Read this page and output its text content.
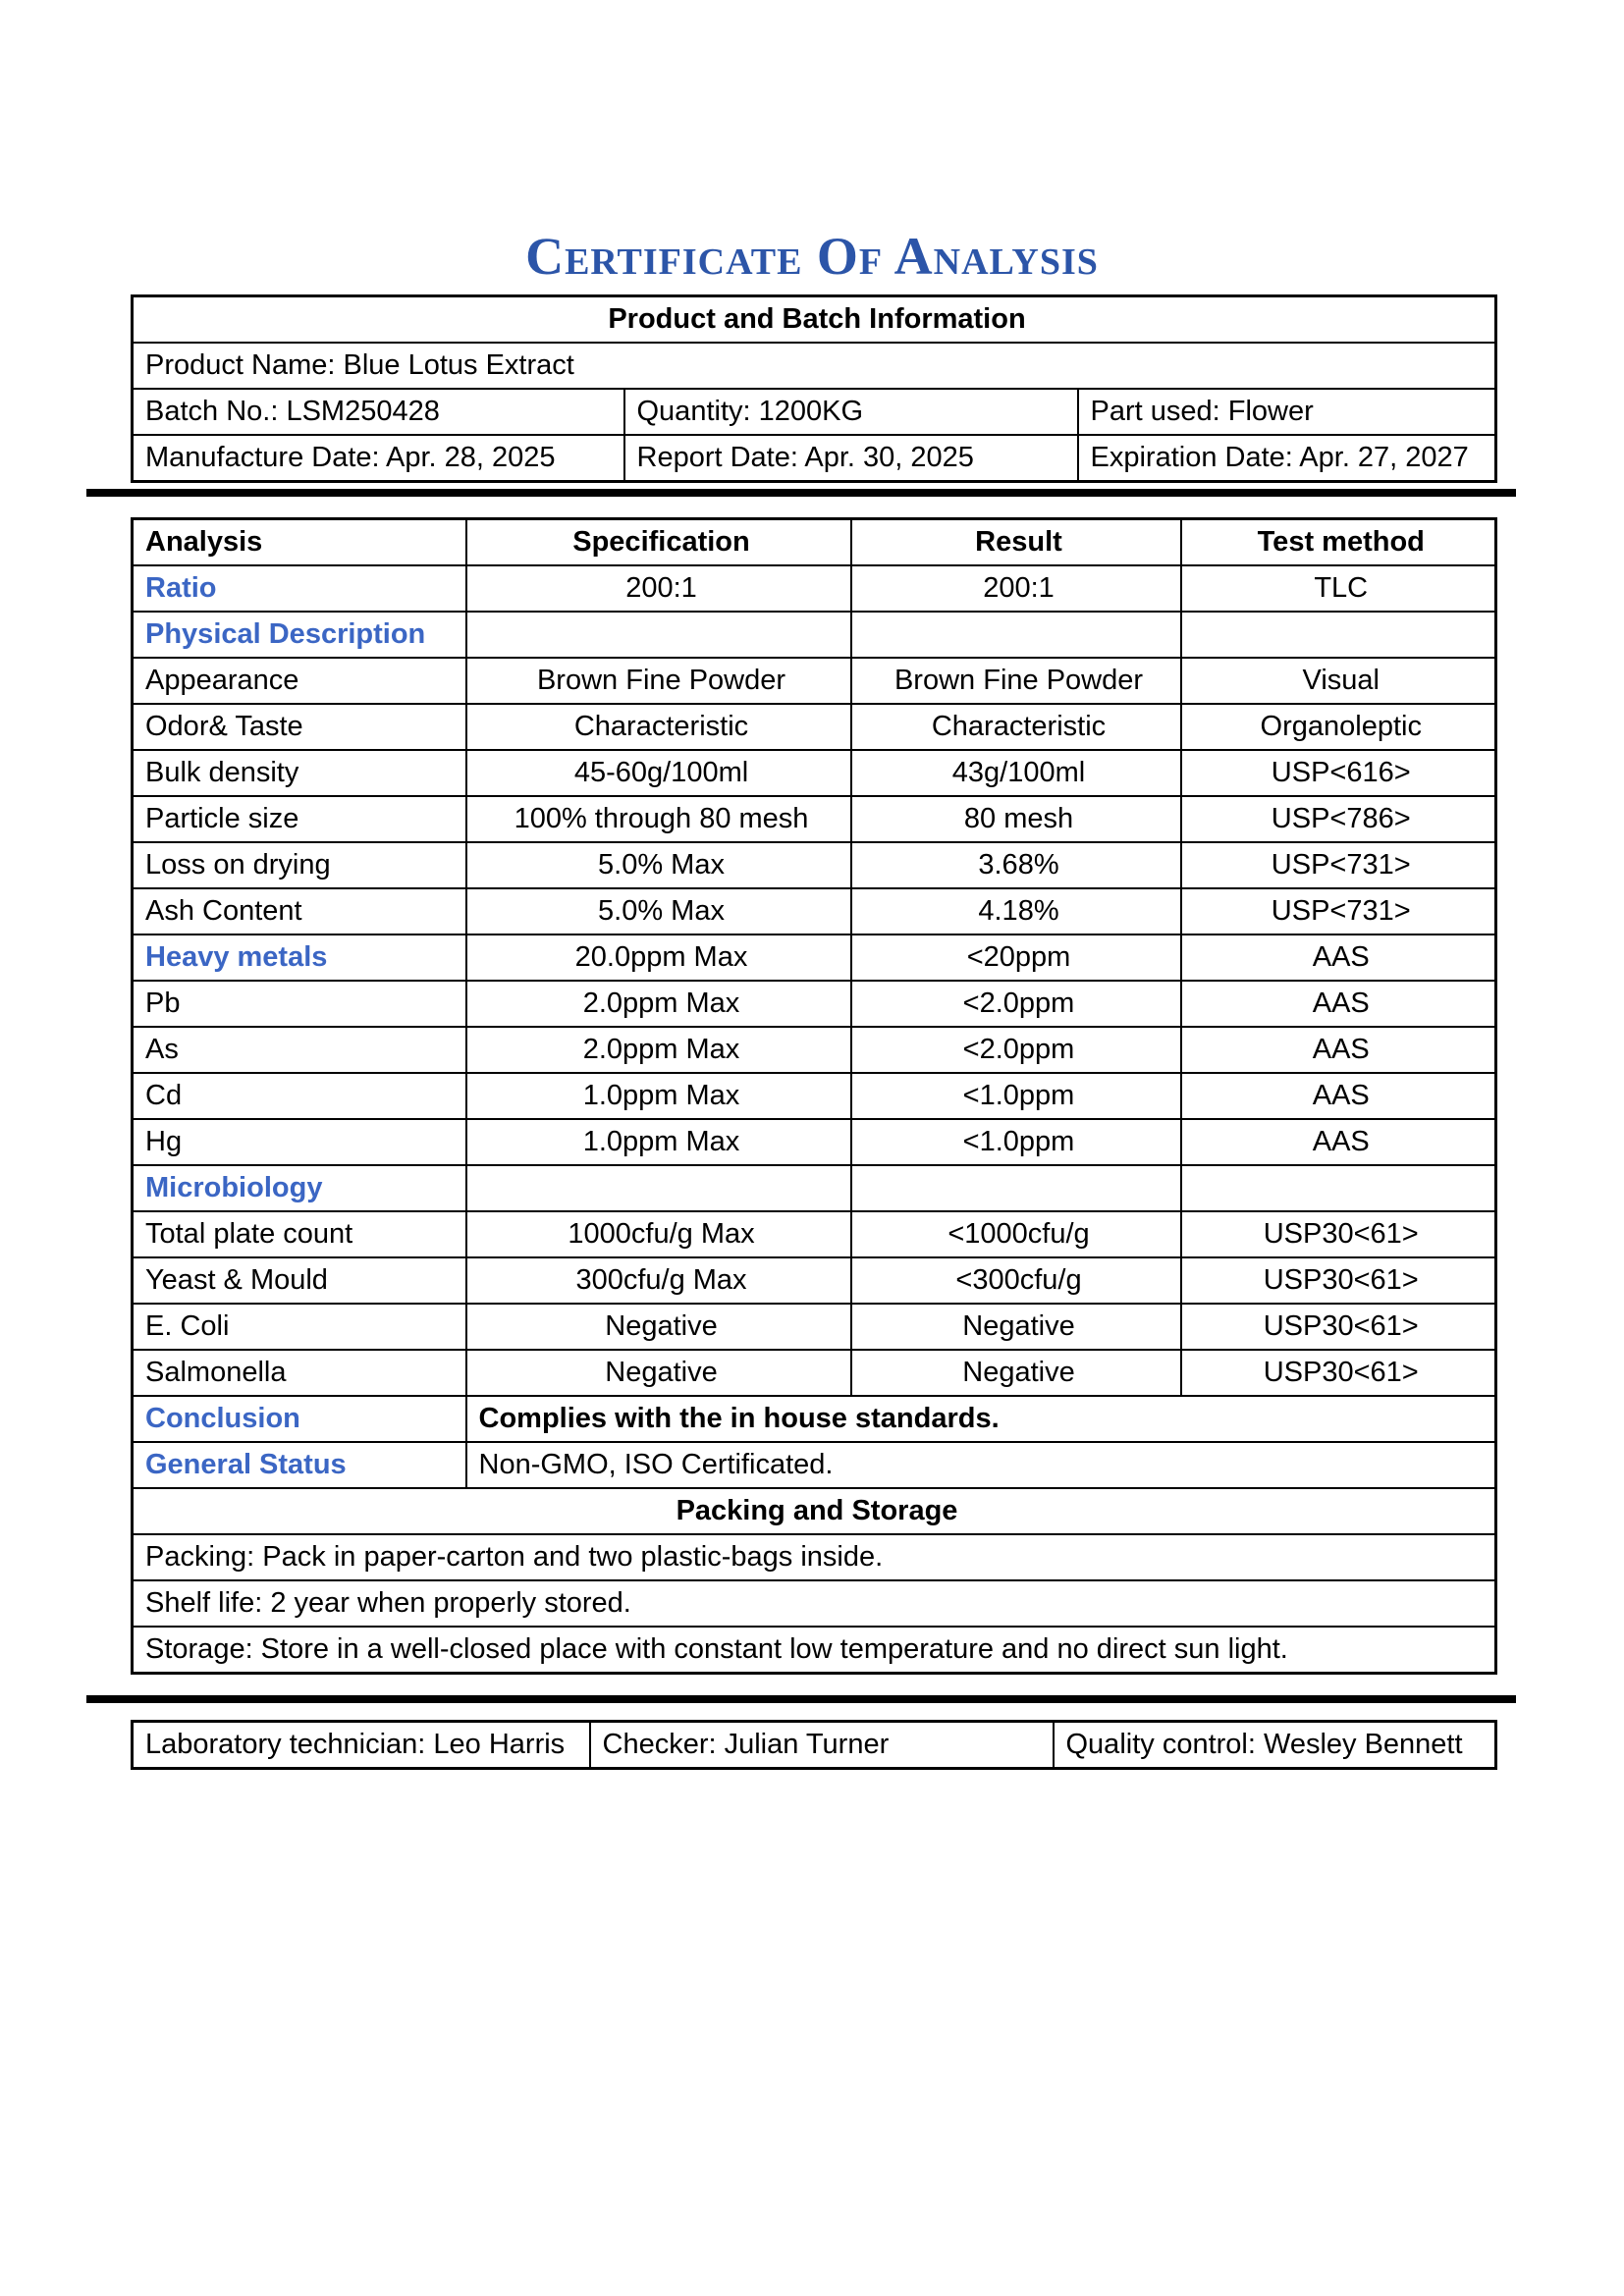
Certificate Of Analysis
Product and Batch Information		
Product Name: Blue Lotus Extract		
Batch No.: LSM250428	Quantity: 1200KG	Part used: Flower
Manufacture Date: Apr. 28, 2025	Report Date: Apr. 30, 2025	Expiration Date: Apr. 27, 2027
Analysis	Specification	Result	Test method
Ratio	200:1	200:1	TLC
Physical Description			
Appearance	Brown Fine Powder	Brown Fine Powder	Visual
Odor& Taste	Characteristic	Characteristic	Organoleptic
Bulk density	45-60g/100ml	43g/100ml	USP<616>
Particle size	100% through 80 mesh	80 mesh	USP<786>
Loss on drying	5.0% Max	3.68%	USP<731>
Ash Content	5.0% Max	4.18%	USP<731>
Heavy metals	20.0ppm Max	<20ppm	AAS
Pb	2.0ppm Max	<2.0ppm	AAS
As	2.0ppm Max	<2.0ppm	AAS
Cd	1.0ppm Max	<1.0ppm	AAS
Hg	1.0ppm Max	<1.0ppm	AAS
Microbiology			
Total plate count	1000cfu/g Max	<1000cfu/g	USP30<61>
Yeast & Mould	300cfu/g Max	<300cfu/g	USP30<61>
E. Coli	Negative	Negative	USP30<61>
Salmonella	Negative	Negative	USP30<61>
Conclusion	Complies with the in house standards.		
General Status	Non-GMO, ISO Certificated.		
Packing and Storage			
Packing: Pack in paper-carton and two plastic-bags inside.			
Shelf life: 2 year when properly stored.			
Storage: Store in a well-closed place with constant low temperature and no direct sun light.			
Laboratory technician: Leo Harris	Checker: Julian Turner	Quality control: Wesley Bennett
